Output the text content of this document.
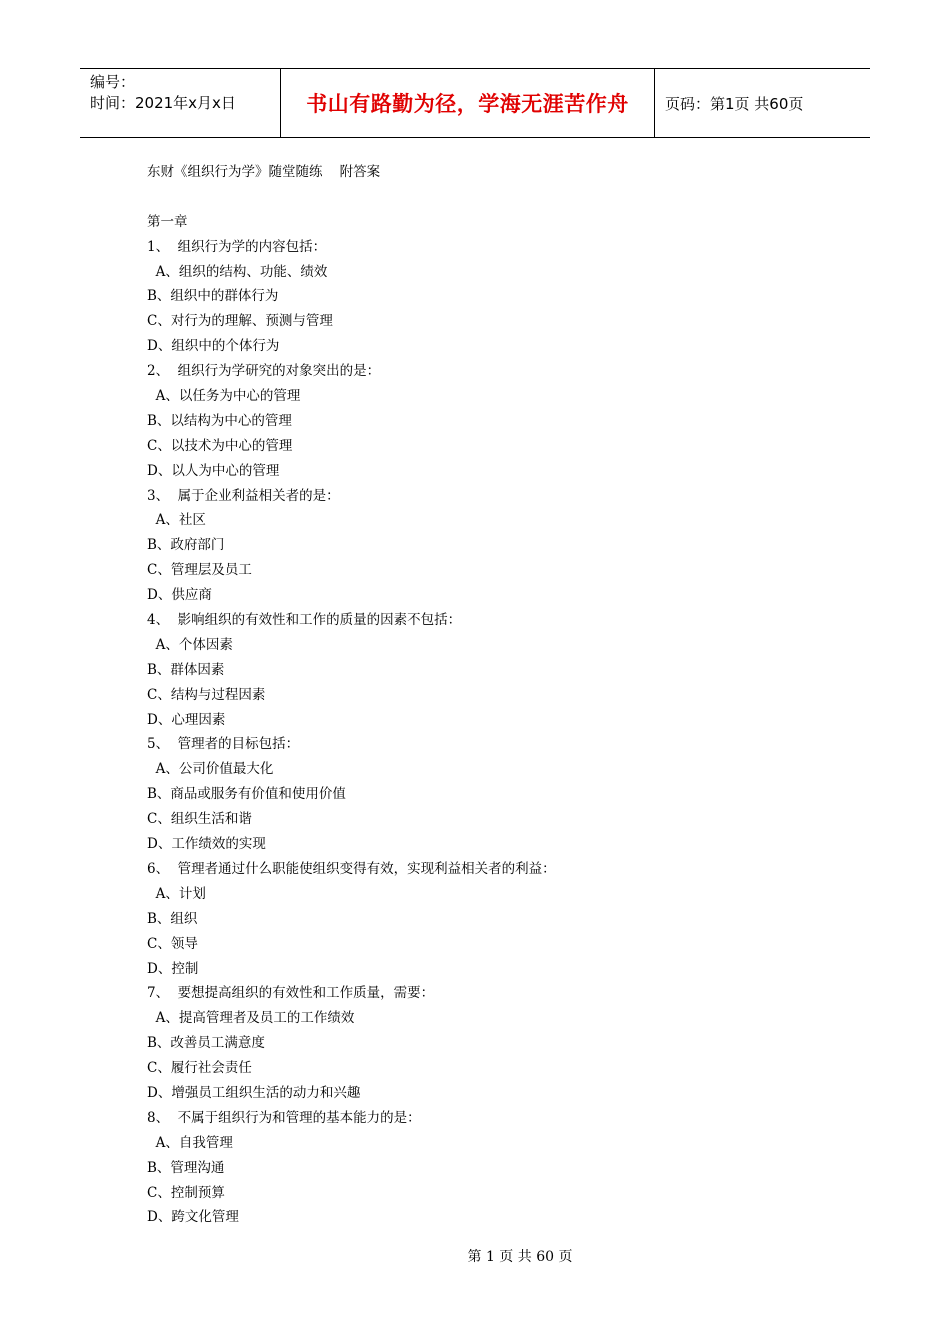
编号：
时间：2021年x月x日	书山有路勤为径，学海无涯苦作舟	页码：第1页 共60页
东财《组织行为学》随堂随练    附答案
第一章
1、  组织行为学的内容包括：
A、组织的结构、功能、绩效
B、组织中的群体行为
C、对行为的理解、预测与管理
D、组织中的个体行为
2、  组织行为学研究的对象突出的是：
A、以任务为中心的管理
B、以结构为中心的管理
C、以技术为中心的管理
D、以人为中心的管理
3、  属于企业利益相关者的是：
A、社区
B、政府部门
C、管理层及员工
D、供应商
4、  影响组织的有效性和工作的质量的因素不包括：
A、个体因素
B、群体因素
C、结构与过程因素
D、心理因素
5、  管理者的目标包括：
A、公司价值最大化
B、商品或服务有价值和使用价值
C、组织生活和谐
D、工作绩效的实现
6、  管理者通过什么职能使组织变得有效，实现利益相关者的利益：
A、计划
B、组织
C、领导
D、控制
7、  要想提高组织的有效性和工作质量，需要：
A、提高管理者及员工的工作绩效
B、改善员工满意度
C、履行社会责任
D、增强员工组织生活的动力和兴趣
8、  不属于组织行为和管理的基本能力的是：
A、自我管理
B、管理沟通
C、控制预算
D、跨文化管理
第 1 页 共 60 页
